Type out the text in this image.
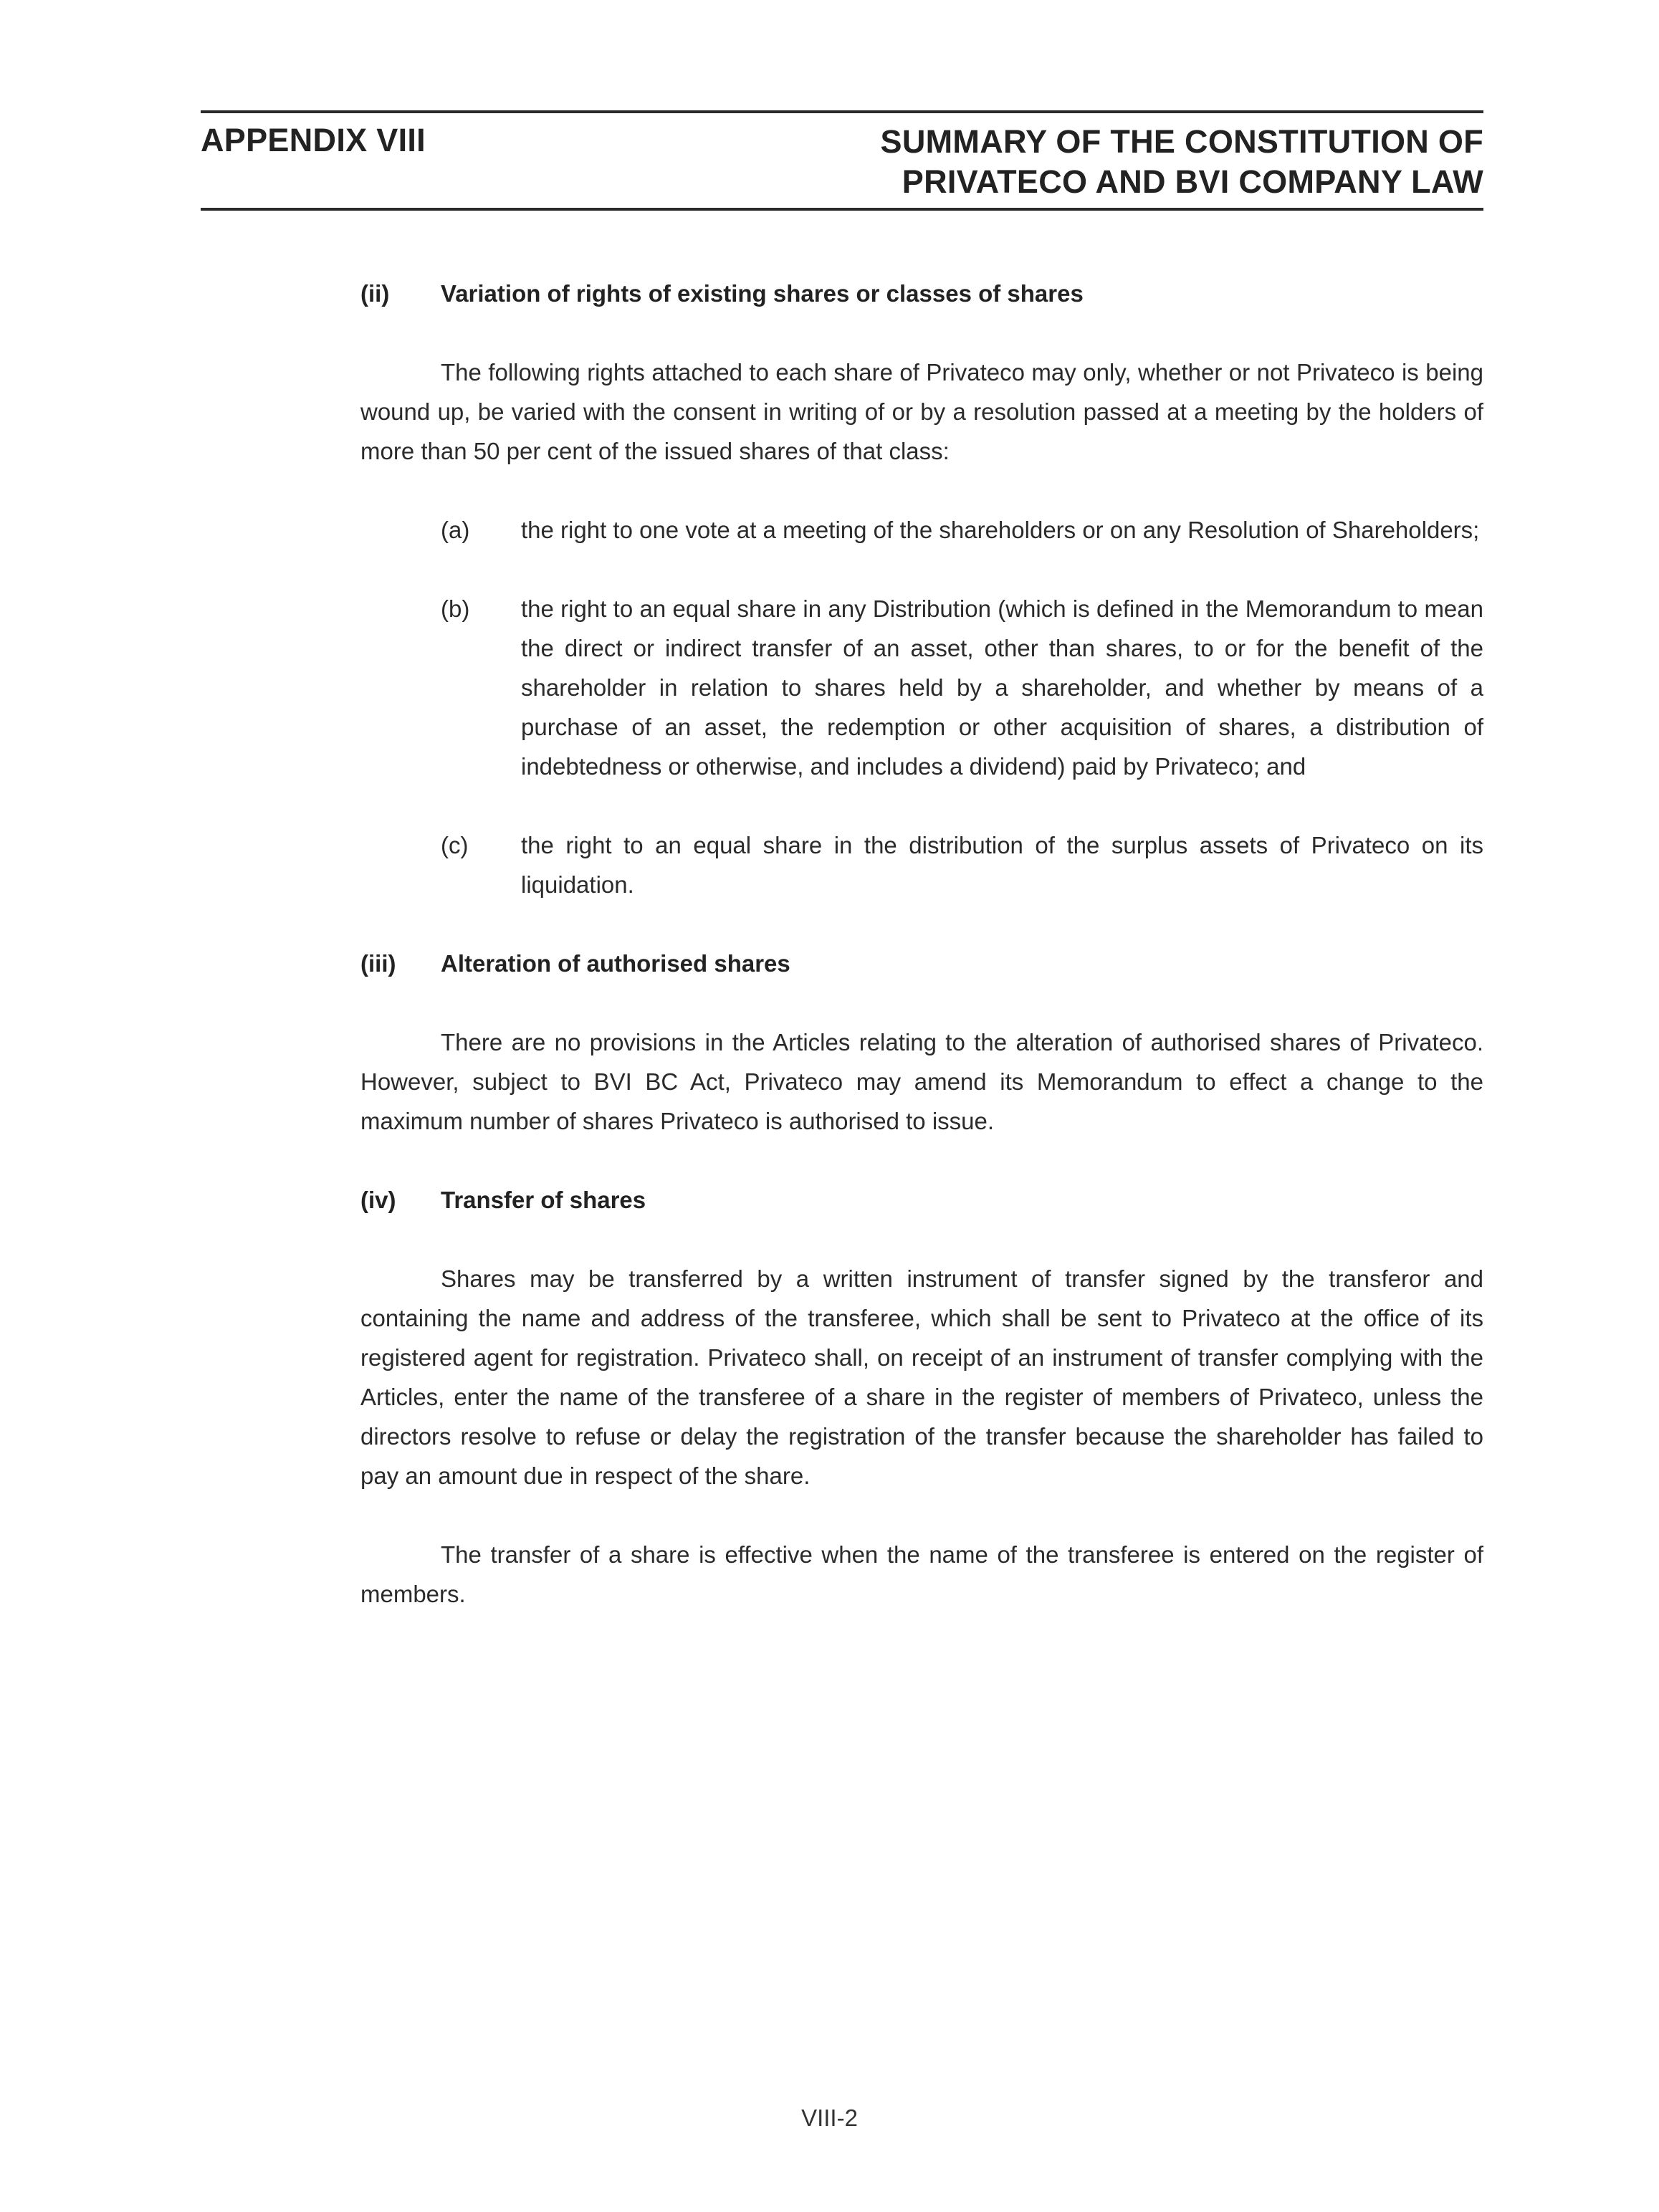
APPENDIX VIII	SUMMARY OF THE CONSTITUTION OF
PRIVATECO AND BVI COMPANY LAW
(ii)	Variation of rights of existing shares or classes of shares

The following rights attached to each share of Privateco may only, whether or not Privateco is being wound up, be varied with the consent in writing of or by a resolution passed at a meeting by the holders of more than 50 per cent of the issued shares of that class:

(a)	the right to one vote at a meeting of the shareholders or on any Resolution of Shareholders;
(b)	the right to an equal share in any Distribution (which is defined in the Memorandum to mean the direct or indirect transfer of an asset, other than shares, to or for the benefit of the shareholder in relation to shares held by a shareholder, and whether by means of a purchase of an asset, the redemption or other acquisition of shares, a distribution of indebtedness or otherwise, and includes a dividend) paid by Privateco; and
(c)	the right to an equal share in the distribution of the surplus assets of Privateco on its liquidation.
(iii)	Alteration of authorised shares

There are no provisions in the Articles relating to the alteration of authorised shares of Privateco. However, subject to BVI BC Act, Privateco may amend its Memorandum to effect a change to the maximum number of shares Privateco is authorised to issue.

(iv)	Transfer of shares

Shares may be transferred by a written instrument of transfer signed by the transferor and containing the name and address of the transferee, which shall be sent to Privateco at the office of its registered agent for registration. Privateco shall, on receipt of an instrument of transfer complying with the Articles, enter the name of the transferee of a share in the register of members of Privateco, unless the directors resolve to refuse or delay the registration of the transfer because the shareholder has failed to pay an amount due in respect of the share.

The transfer of a share is effective when the name of the transferee is entered on the register of members.

VIII-2
